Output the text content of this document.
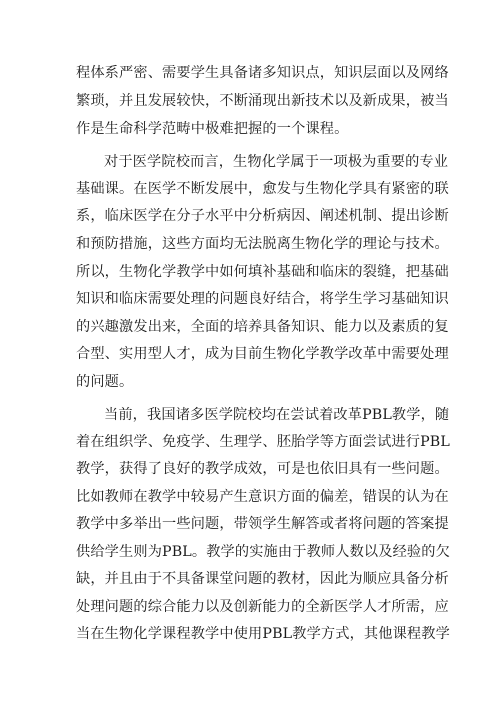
程体系严密、需要学生具备诸多知识点，知识层面以及网络
繁琐，并且发展较快，不断涌现出新技术以及新成果，被当
作是生命科学范畴中极难把握的一个课程。
对于医学院校而言，生物化学属于一项极为重要的专业
基础课。在医学不断发展中，愈发与生物化学具有紧密的联
系，临床医学在分子水平中分析病因、阐述机制、提出诊断
和预防措施，这些方面均无法脱离生物化学的理论与技术。
所以，生物化学教学中如何填补基础和临床的裂缝，把基础
知识和临床需要处理的问题良好结合，将学生学习基础知识
的兴趣激发出来，全面的培养具备知识、能力以及素质的复
合型、实用型人才，成为目前生物化学教学改革中需要处理
的问题。
当前，我国诸多医学院校均在尝试着改革PBL教学，随
着在组织学、免疫学、生理学、胚胎学等方面尝试进行PBL
教学，获得了良好的教学成效，可是也依旧具有一些问题。
比如教师在教学中较易产生意识方面的偏差，错误的认为在
教学中多举出一些问题，带领学生解答或者将问题的答案提
供给学生则为PBL。教学的实施由于教师人数以及经验的欠
缺，并且由于不具备课堂问题的教材，因此为顺应具备分析
处理问题的综合能力以及创新能力的全新医学人才所需，应
当在生物化学课程教学中使用PBL教学方式，其他课程教学
